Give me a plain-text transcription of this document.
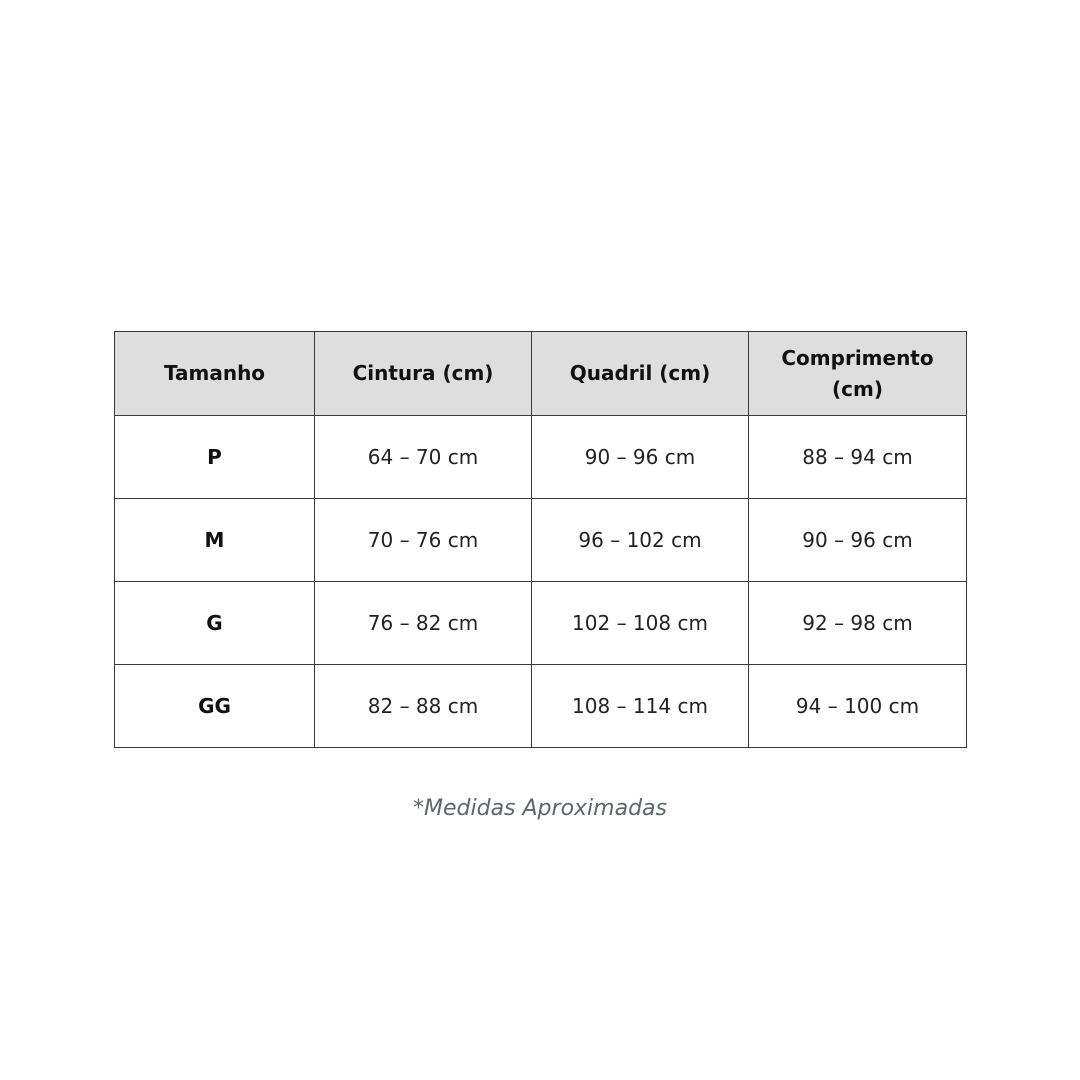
Tamanho	Cintura (cm)	Quadril (cm)	Comprimento (cm)
P	64 – 70 cm	90 – 96 cm	88 – 94 cm
M	70 – 76 cm	96 – 102 cm	90 – 96 cm
G	76 – 82 cm	102 – 108 cm	92 – 98 cm
GG	82 – 88 cm	108 – 114 cm	94 – 100 cm
*Medidas Aproximadas
